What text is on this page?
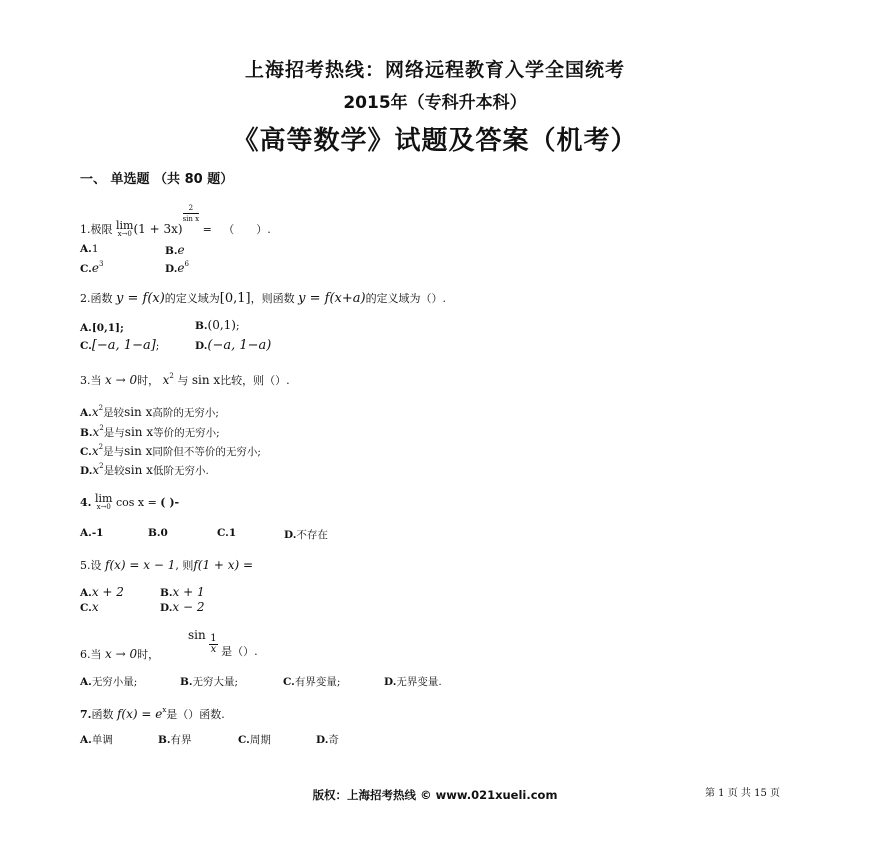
上海招考热线：网络远程教育入学全国统考
2015年（专科升本科）
《高等数学》试题及答案（机考）
一、 单选题 （共 80 题）
1.极限 lim
x→0 (1 + 3x)
$\frac{2}{\text{sin x}}$
= （　　）.
A.1	B.e
$C.e^3$	$D.e^6$
2.函数 y = f(x)的定义域为[0,1]，则函数 y = f(x+a)的定义域为（）.
A.[0,1];	B.(0,1);
C.[−a, 1−a];	D.(−a, 1−a)
3.当 x → 0时， $x^2$ 与 sin x比较，则（）.
$A.x^2$是较sin x高阶的无穷小;
$B.x^2$是与sin x等价的无穷小;
$C.x^2$是与sin x同阶但不等价的无穷小;
$D.x^2$是较sin x低阶无穷小.
4. lim
x→0 cos x = ( )-
A.-1	B.0	C.1	D.不存在
5.设 f(x) = x − 1, 则f(1 + x) =
A.x + 2	B.x + 1
C.x	D.x − 2
6.当 x → 0时，
$\sin \frac{1}{x}$ 是（）.
A.无穷小量;	B.无穷大量;	C.有界变量;	D.无界变量.
7.函数 $f(x) = e^x$是（）函数.
A.单调	B.有界	C.周期	D.奇
版权：上海招考热线 © www.021xueli.com	第 1 页 共 15 页
